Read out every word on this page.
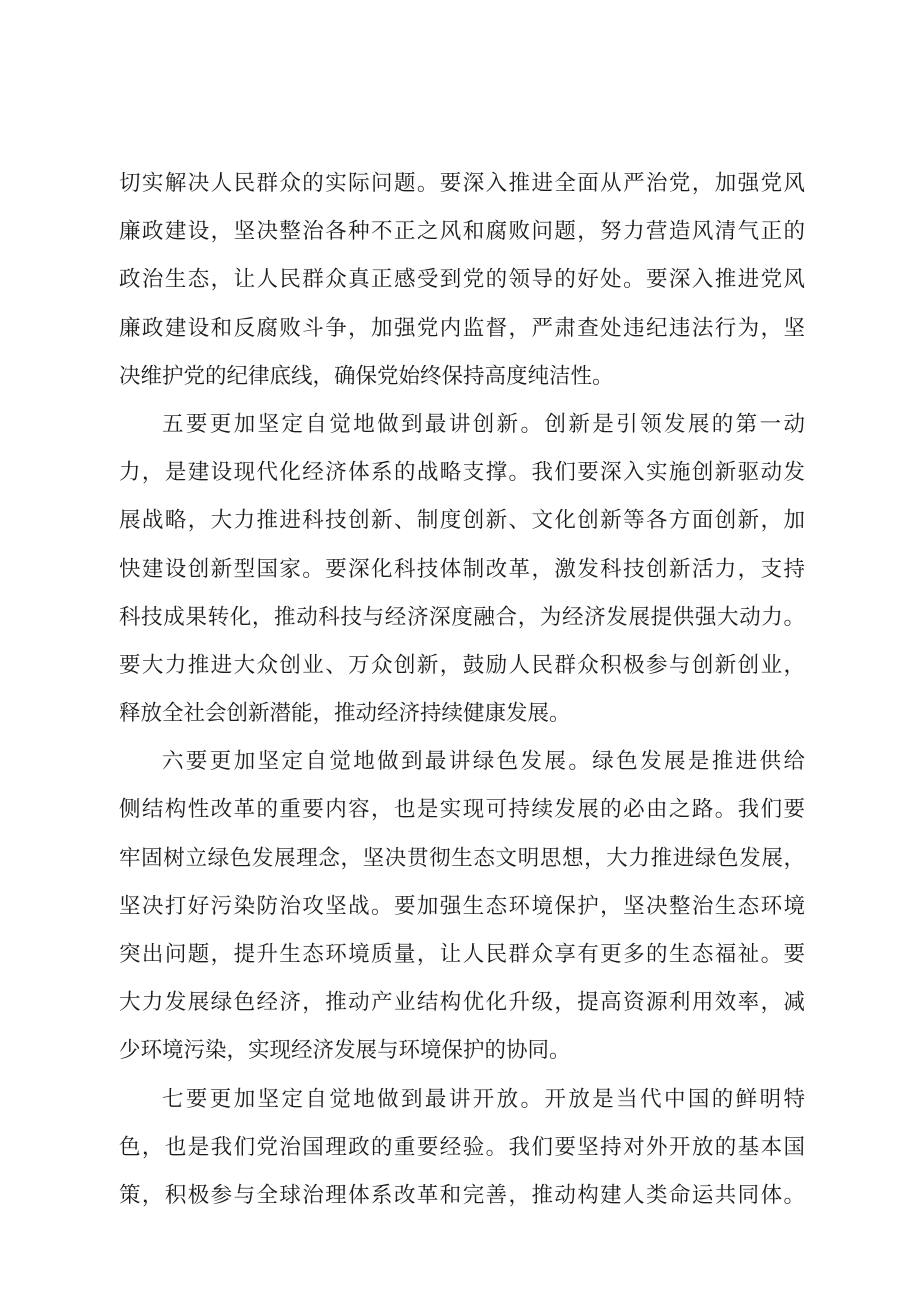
切实解决人民群众的实际问题。要深入推进全面从严治党，加强党风
廉政建设，坚决整治各种不正之风和腐败问题，努力营造风清气正的
政治生态，让人民群众真正感受到党的领导的好处。要深入推进党风
廉政建设和反腐败斗争，加强党内监督，严肃查处违纪违法行为，坚
决维护党的纪律底线，确保党始终保持高度纯洁性。
五要更加坚定自觉地做到最讲创新。创新是引领发展的第一动
力，是建设现代化经济体系的战略支撑。我们要深入实施创新驱动发
展战略，大力推进科技创新、制度创新、文化创新等各方面创新，加
快建设创新型国家。要深化科技体制改革，激发科技创新活力，支持
科技成果转化，推动科技与经济深度融合，为经济发展提供强大动力。
要大力推进大众创业、万众创新，鼓励人民群众积极参与创新创业，
释放全社会创新潜能，推动经济持续健康发展。
六要更加坚定自觉地做到最讲绿色发展。绿色发展是推进供给
侧结构性改革的重要内容，也是实现可持续发展的必由之路。我们要
牢固树立绿色发展理念，坚决贯彻生态文明思想，大力推进绿色发展，
坚决打好污染防治攻坚战。要加强生态环境保护，坚决整治生态环境
突出问题，提升生态环境质量，让人民群众享有更多的生态福祉。要
大力发展绿色经济，推动产业结构优化升级，提高资源利用效率，减
少环境污染，实现经济发展与环境保护的协同。
七要更加坚定自觉地做到最讲开放。开放是当代中国的鲜明特
色，也是我们党治国理政的重要经验。我们要坚持对外开放的基本国
策，积极参与全球治理体系改革和完善，推动构建人类命运共同体。
